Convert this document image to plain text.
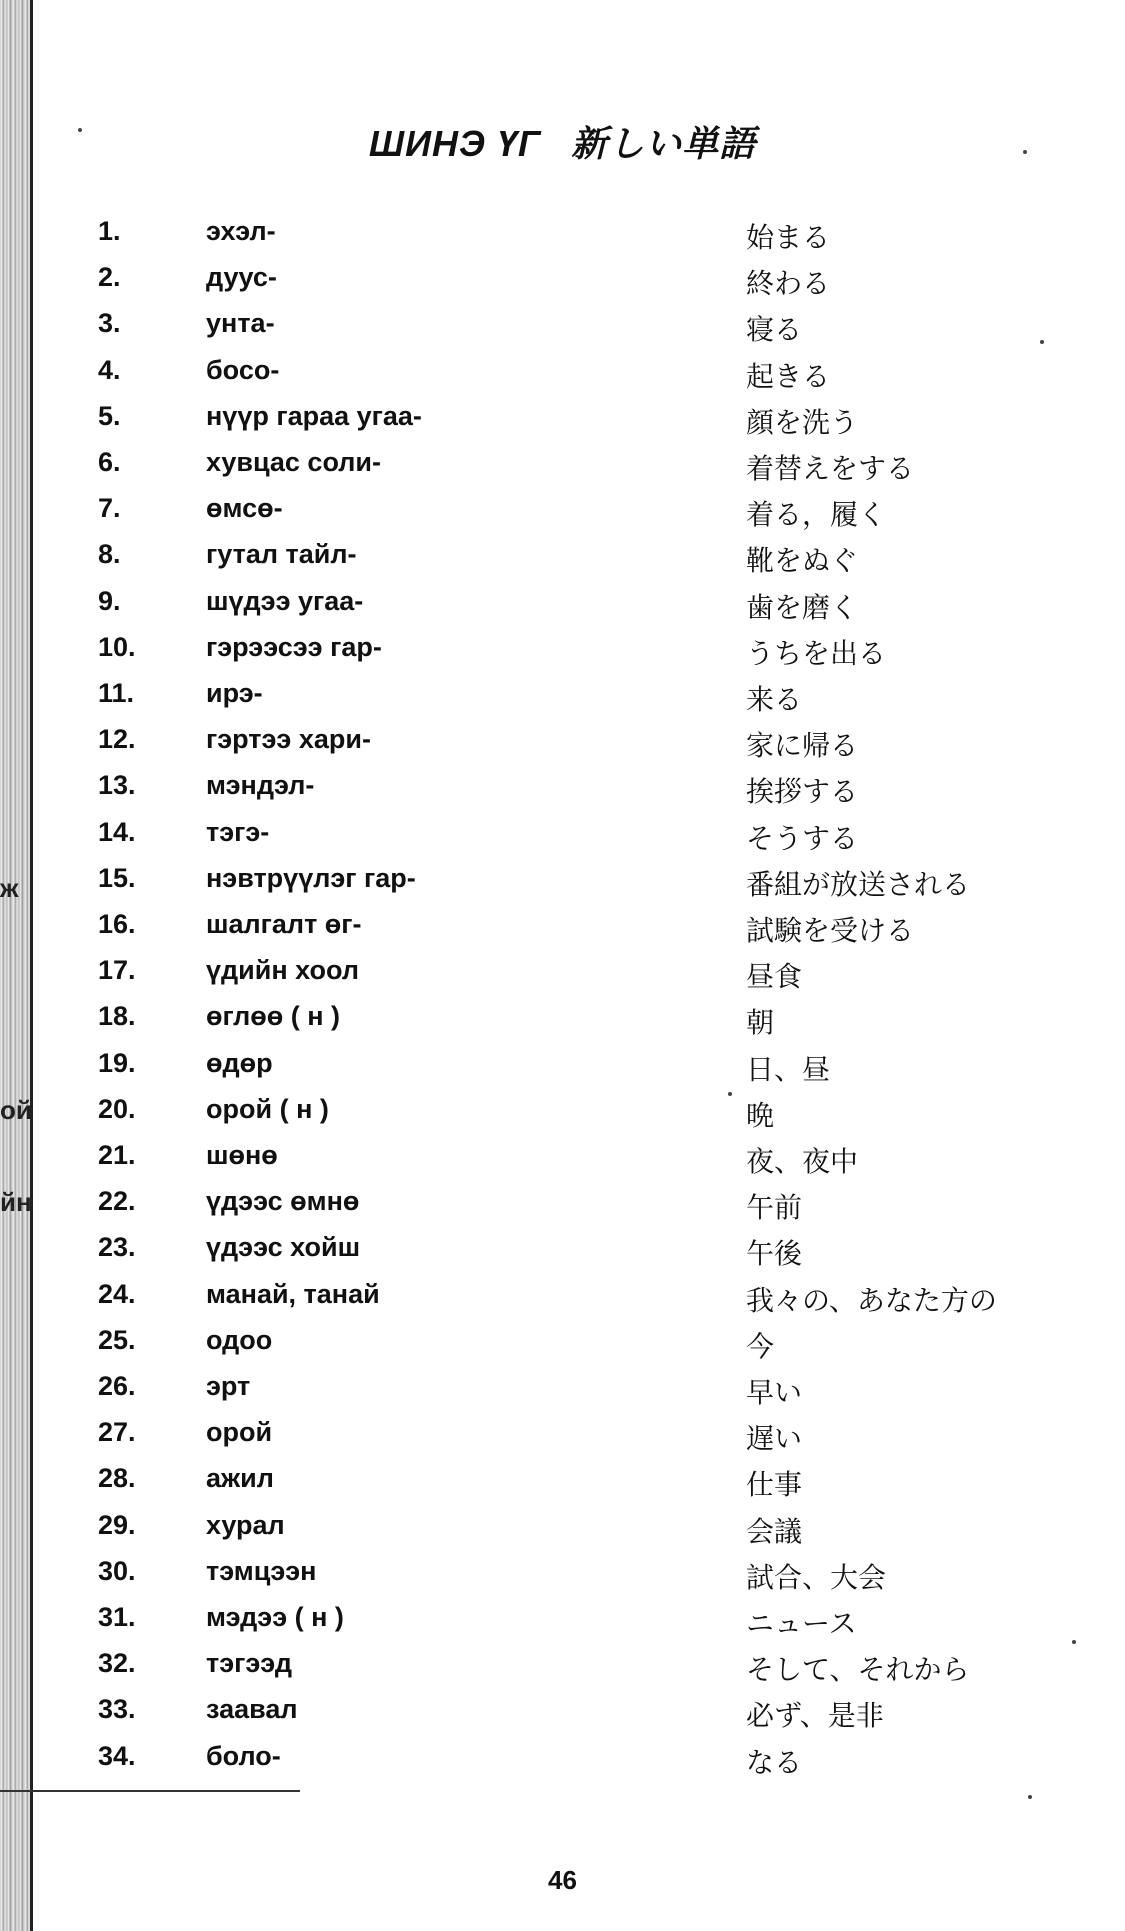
ж
ой
йн
ШИНЭ ҮГ 新しい単語
1.	эхэл-	始まる
2.	дуус-	終わる
3.	унта-	寝る
4.	босо-	起きる
5.	нүүр гараа угаа-	顔を洗う
6.	хувцас соли-	着替えをする
7.	өмсө-	着る，履く
8.	гутал тайл-	靴をぬぐ
9.	шүдээ угаа-	歯を磨く
10.	гэрээсээ гар-	うちを出る
11.	ирэ-	来る
12.	гэртээ хари-	家に帰る
13.	мэндэл-	挨拶する
14.	тэгэ-	そうする
15.	нэвтрүүлэг гар-	番組が放送される
16.	шалгалт өг-	試験を受ける
17.	үдийн хоол	昼食
18.	өглөө ( н )	朝
19.	өдөр	日、昼
20.	орой ( н )	晩
21.	шөнө	夜、夜中
22.	үдээс өмнө	午前
23.	үдээс хойш	午後
24.	манай, танай	我々の、あなた方の
25.	одоо	今
26.	эрт	早い
27.	орой	遅い
28.	ажил	仕事
29.	хурал	会議
30.	тэмцээн	試合、大会
31.	мэдээ ( н )	ニュース
32.	тэгээд	そして、それから
33.	заавал	必ず、是非
34.	боло-	なる
46
